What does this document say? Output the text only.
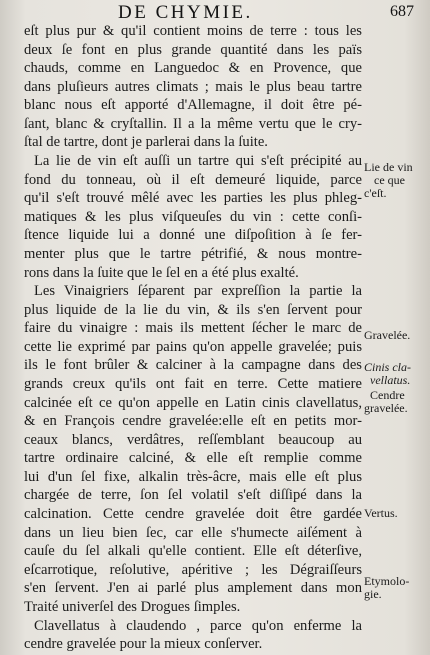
DE CHYMIE.	687
eſt plus pur & qu'il contient moins de terre : tous les
deux ſe font en plus grande quantité dans les païs
chauds, comme en Languedoc & en Provence, que
dans pluſieurs autres climats ; mais le plus beau tartre
blanc nous eſt apporté d'Allemagne, il doit être pé-
ſant, blanc & cryſtallin. Il a la même vertu que le cry-
ſtal de tartre, dont je parlerai dans la ſuite.
La lie de vin eſt auſſi un tartre qui s'eſt précipité au
fond du tonneau, où il eſt demeuré liquide, parce
qu'il s'eſt trouvé mêlé avec les parties les plus phleg-
matiques & les plus viſqueuſes du vin : cette conſi-
ſtence liquide lui a donné une diſpoſition à ſe fer-
menter plus que le tartre pétrifié, & nous montre-
rons dans la ſuite que le ſel en a été plus exalté.
Les Vinaigriers ſéparent par expreſſion la partie la
plus liquide de la lie du vin, & ils s'en ſervent pour
faire du vinaigre : mais ils mettent ſécher le marc de
cette lie exprimé par pains qu'on appelle gravelée; puis
ils le font brûler & calciner à la campagne dans des
grands creux qu'ils ont fait en terre. Cette matiere
calcinée eſt ce qu'on appelle en Latin cinis clavellatus,
& en François cendre gravelée:elle eſt en petits mor-
ceaux blancs, verdâtres, reſſemblant beaucoup au
tartre ordinaire calciné, & elle eſt remplie comme
lui d'un ſel fixe, alkalin très-âcre, mais elle eſt plus
chargée de terre, ſon ſel volatil s'eſt diſſipé dans la
calcination. Cette cendre gravelée doit être gardée
dans un lieu bien ſec, car elle s'humecte aiſément à
cauſe du ſel alkali qu'elle contient. Elle eſt déterſive,
eſcarrotique, reſolutive, apéritive ; les Dégraiſſeurs
s'en ſervent. J'en ai parlé plus amplement dans mon
Traité univerſel des Drogues ſimples.
Clavellatus à claudendo , parce qu'on enferme la
cendre gravelée pour la mieux conſerver.
Lie de vin
ce que
c'eſt.
Gravelée.
Cinis cla-
vellatus.
Cendre
gravelée.
Vertus.
Etymolo-
gie.
